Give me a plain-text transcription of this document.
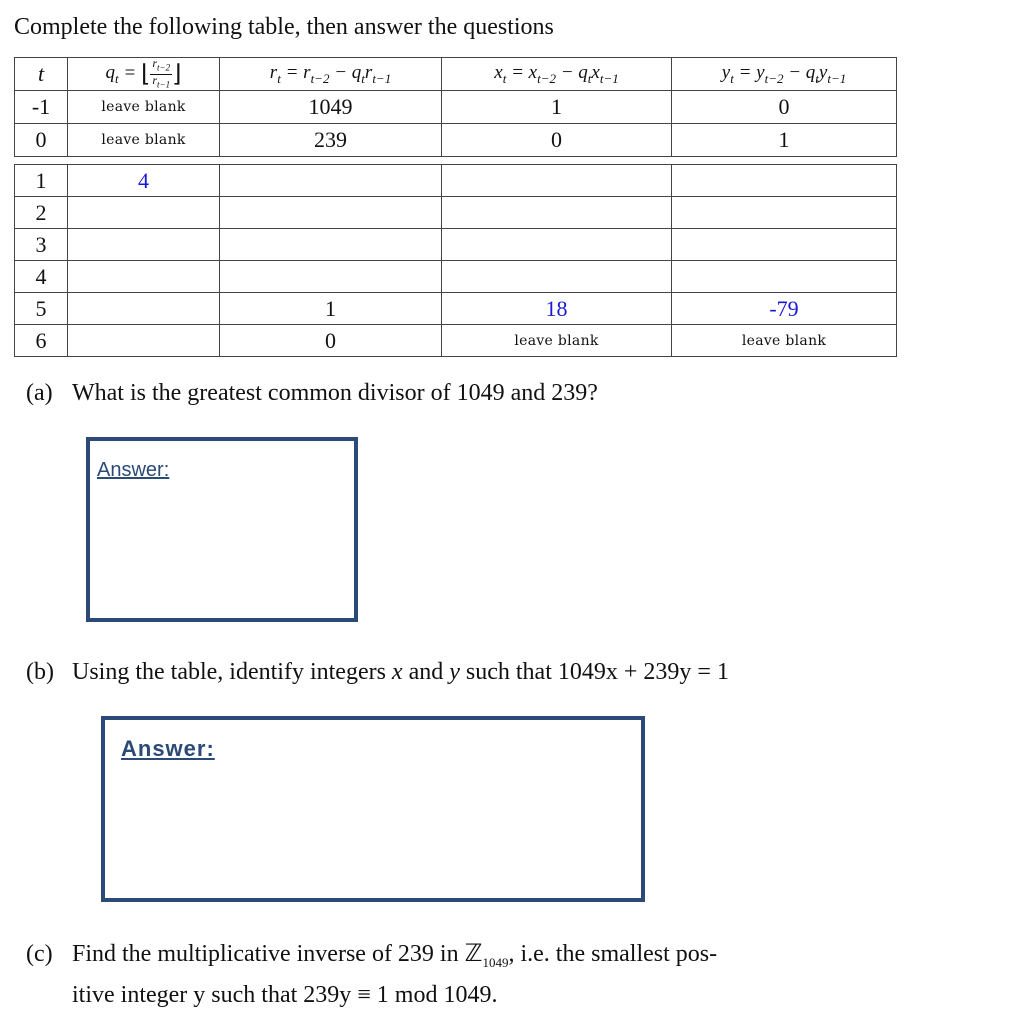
Complete the following table, then answer the questions
t	$q_t$ = ⌊ $\frac{r_{t-2}}{r_{t-1}}$ ⌋	$r_t = r_{t-2} - q_tr_{t-1}$	$x_t = x_{t-2} - q_tx_{t-1}$	$y_t = y_{t-2} - q_ty_{t-1}$
-1	leave blank	1049	1	0
0	leave blank	239	0	1
1	4			
2				
3				
4				
5		1	18	-79
6		0	leave blank	leave blank
(a) What is the greatest common divisor of 1049 and 239?
Answer:
(b) Using the table, identify integers x and y such that 1049x + 239y = 1
Answer:
(c) Find the multiplicative inverse of 239 in ℤ$_{1049}$, i.e. the smallest pos-
itive integer y such that 239y ≡ 1 mod 1049.
